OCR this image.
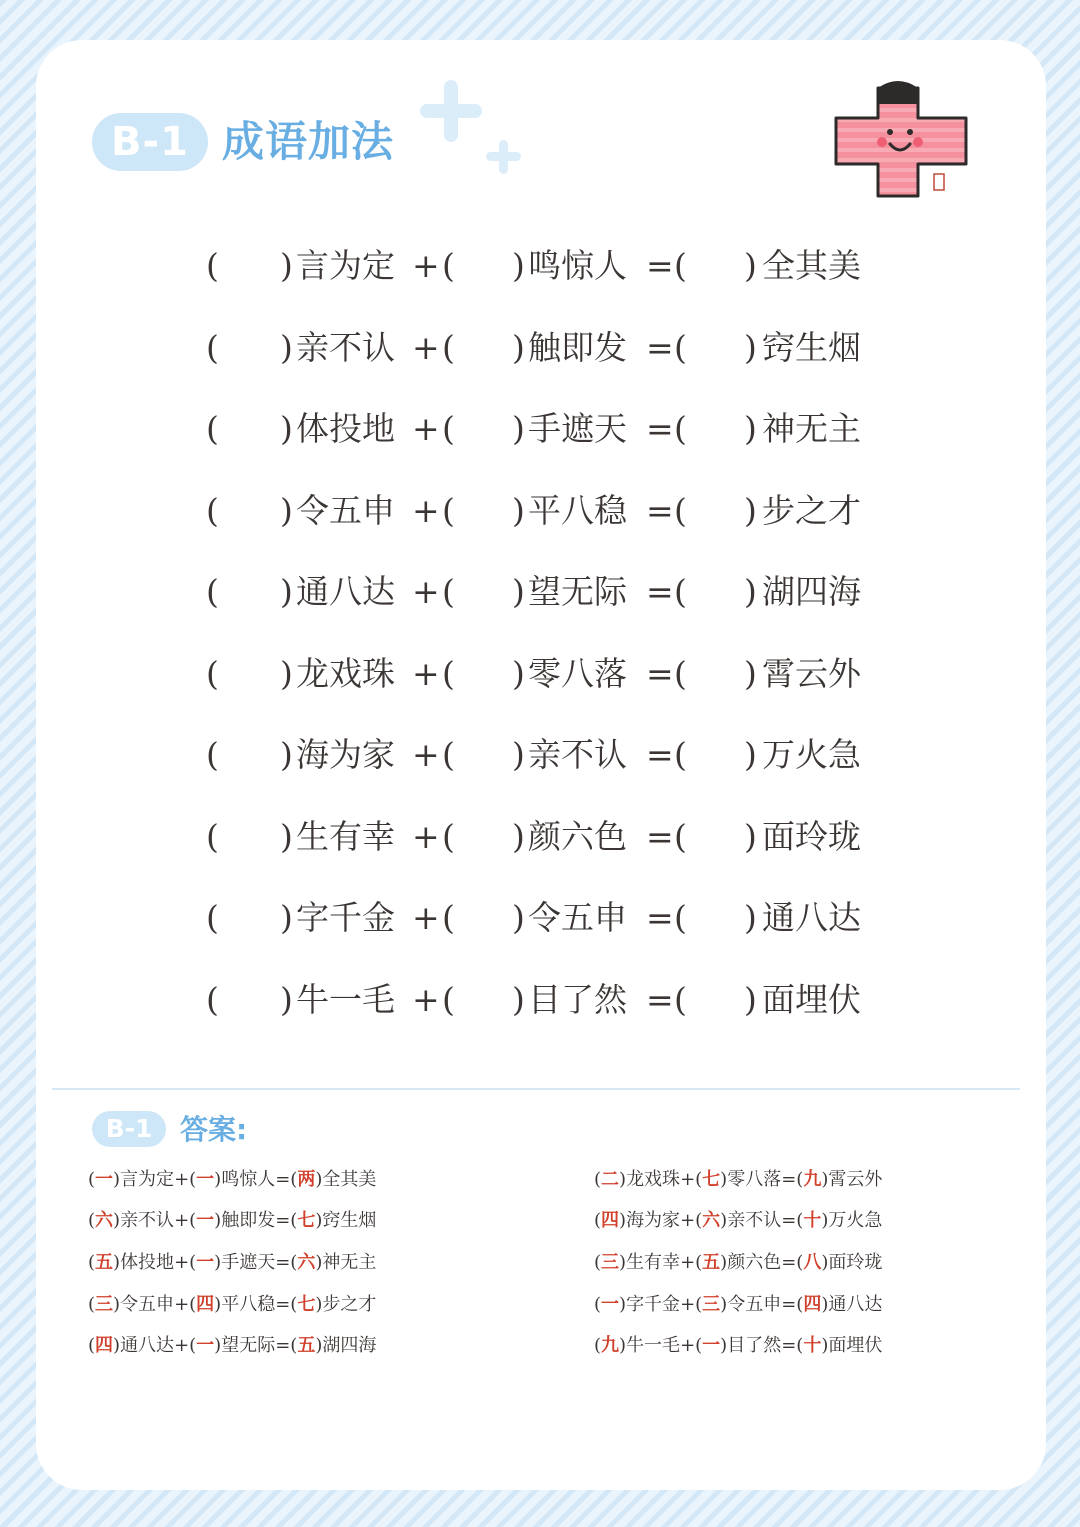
B-1 成语加法
( ) 言为定 + ( ) 鸣惊人 = ( ) 全其美
( ) 亲不认 + ( ) 触即发 = ( ) 窍生烟
( ) 体投地 + ( ) 手遮天 = ( ) 神无主
( ) 令五申 + ( ) 平八稳 = ( ) 步之才
( ) 通八达 + ( ) 望无际 = ( ) 湖四海
( ) 龙戏珠 + ( ) 零八落 = ( ) 霄云外
( ) 海为家 + ( ) 亲不认 = ( ) 万火急
( ) 生有幸 + ( ) 颜六色 = ( ) 面玲珑
( ) 字千金 + ( ) 令五申 = ( ) 通八达
( ) 牛一毛 + ( ) 目了然 = ( ) 面埋伏
B-1 答案:
(一)言为定+(一)鸣惊人=(两)全其美
(六)亲不认+(一)触即发=(七)窍生烟
(五)体投地+(一)手遮天=(六)神无主
(三)令五申+(四)平八稳=(七)步之才
(四)通八达+(一)望无际=(五)湖四海
(二)龙戏珠+(七)零八落=(九)霄云外
(四)海为家+(六)亲不认=(十)万火急
(三)生有幸+(五)颜六色=(八)面玲珑
(一)字千金+(三)令五申=(四)通八达
(九)牛一毛+(一)目了然=(十)面埋伏
